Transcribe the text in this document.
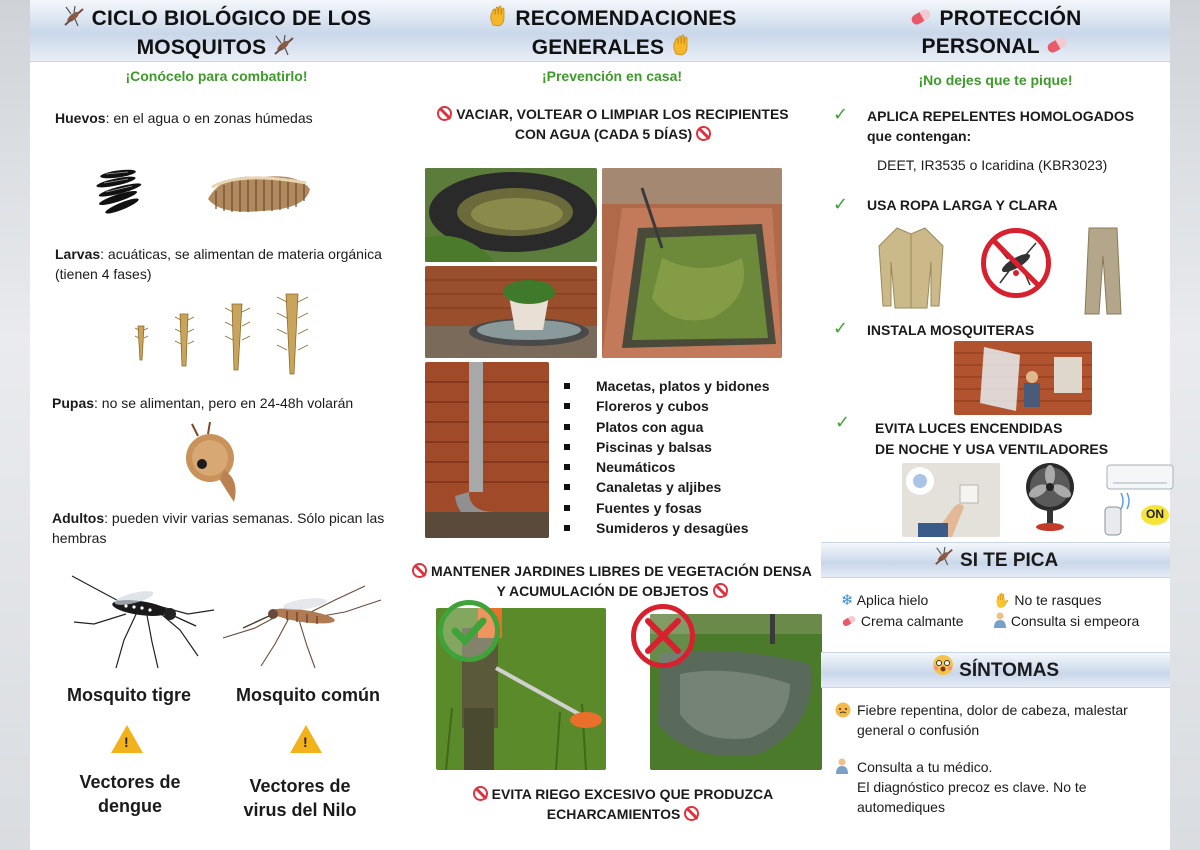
CICLO BIOLÓGICO DE LOS
MOSQUITOS
¡Conócelo para combatirlo!
Huevos: en el agua o en zonas húmedas
Larvas: acuáticas, se alimentan de materia orgánica (tienen 4 fases)
Pupas: no se alimentan, pero en 24-48h volarán
Adultos: pueden vivir varias semanas. Sólo pican las hembras
Mosquito tigre	Mosquito común
!	!
Vectores de dengue
Vectores de virus del Nilo
RECOMENDACIONES
GENERALES
¡Prevención en casa!
VACIAR, VOLTEAR O LIMPIAR LOS RECIPIENTES
CON AGUA (CADA 5 DÍAS)
Macetas, platos y bidones
Floreros y cubos
Platos con agua
Piscinas y balsas
Neumáticos
Canaletas y aljibes
Fuentes y fosas
Sumideros y desagües
MANTENER JARDINES LIBRES DE VEGETACIÓN DENSA
Y ACUMULACIÓN DE OBJETOS
EVITA RIEGO EXCESIVO QUE PRODUZCA
ECHARCAMIENTOS
PROTECCIÓN
PERSONAL
¡No dejes que te pique!
✓ APLICA REPELENTES HOMOLOGADOS
que contengan:
DEET, IR3535 o Icaridina (KBR3023)
✓ USA ROPA LARGA Y CLARA
✓ INSTALA MOSQUITERAS
✓ EVITA LUCES ENCENDIDAS
DE NOCHE Y USA VENTILADORES
ON
SI TE PICA
❄ Aplica hielo	✋ No te rasques
Crema calmante	Consulta si empeora
SÍNTOMAS
Fiebre repentina, dolor de cabeza, malestar general o confusión
Consulta a tu médico.
El diagnóstico precoz es clave. No te automediques
